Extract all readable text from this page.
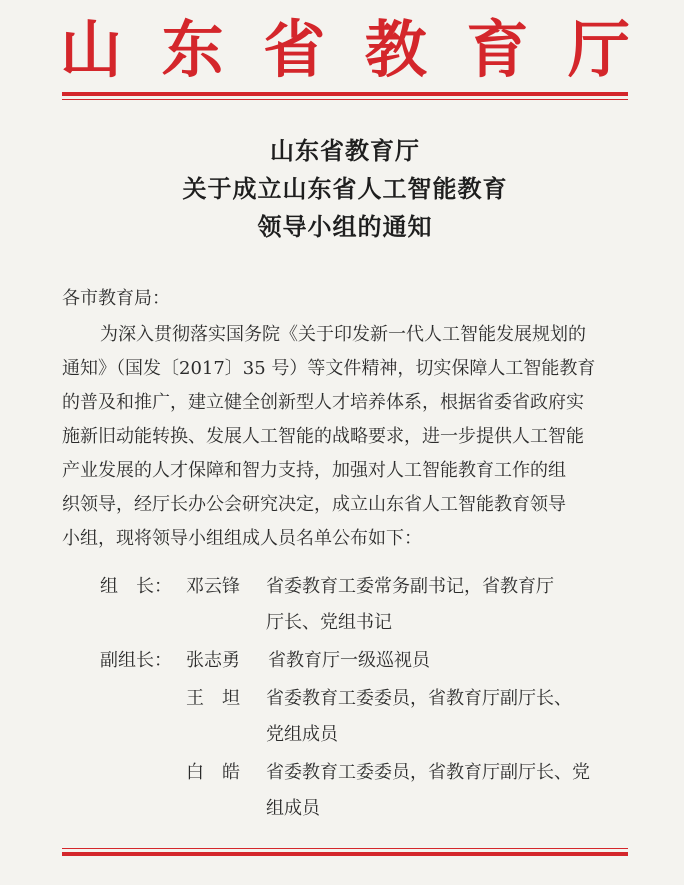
山 东 省 教 育 厅
山东省教育厅
关于成立山东省人工智能教育
领导小组的通知
各市教育局：
为深入贯彻落实国务院《关于印发新一代人工智能发展规划的
通知》（国发〔2017〕35 号）等文件精神，切实保障人工智能教育
的普及和推广，建立健全创新型人才培养体系，根据省委省政府实
施新旧动能转换、发展人工智能的战略要求，进一步提供人工智能
产业发展的人才保障和智力支持，加强对人工智能教育工作的组
织领导，经厅长办公会研究决定，成立山东省人工智能教育领导
小组，现将领导小组组成人员名单公布如下：
组　长： 邓云锋 省委教育工委常务副书记，省教育厅
厅长、党组书记
副组长： 张志勇 省教育厅一级巡视员
王　坦 省委教育工委委员，省教育厅副厅长、
党组成员
白　皓 省委教育工委委员，省教育厅副厅长、党
组成员
